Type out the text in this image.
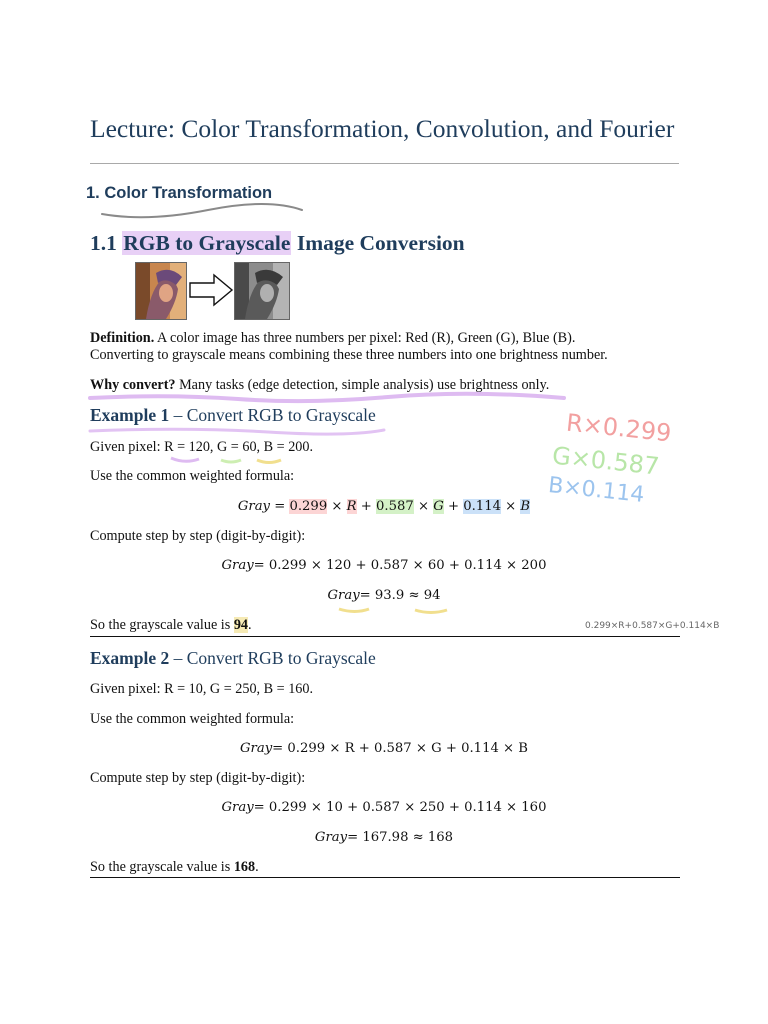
Lecture: Color Transformation, Convolution, and Fourier
1. Color Transformation
1.1 RGB to Grayscale Image Conversion
Definition. A color image has three numbers per pixel: Red (R), Green (G), Blue (B).
Converting to grayscale means combining these three numbers into one brightness number.
Why convert? Many tasks (edge detection, simple analysis) use brightness only.
Example 1 – Convert RGB to Grayscale
Given pixel: R = 120, G = 60, B = 200.
Use the common weighted formula:
Gray = 0.299 × R + 0.587 × G + 0.114 × B
Compute step by step (digit-by-digit):
Gray= 0.299 × 120 + 0.587 × 60 + 0.114 × 200
Gray= 93.9 ≈ 94
So the grayscale value is 94.
Example 2 – Convert RGB to Grayscale
Given pixel: R = 10, G = 250, B = 160.
Use the common weighted formula:
Gray= 0.299 × R + 0.587 × G + 0.114 × B
Compute step by step (digit-by-digit):
Gray= 0.299 × 10 + 0.587 × 250 + 0.114 × 160
Gray= 167.98 ≈ 168
So the grayscale value is 168.
R×0.299
G×0.587
B×0.114
0.299×R+0.587×G+0.114×B
